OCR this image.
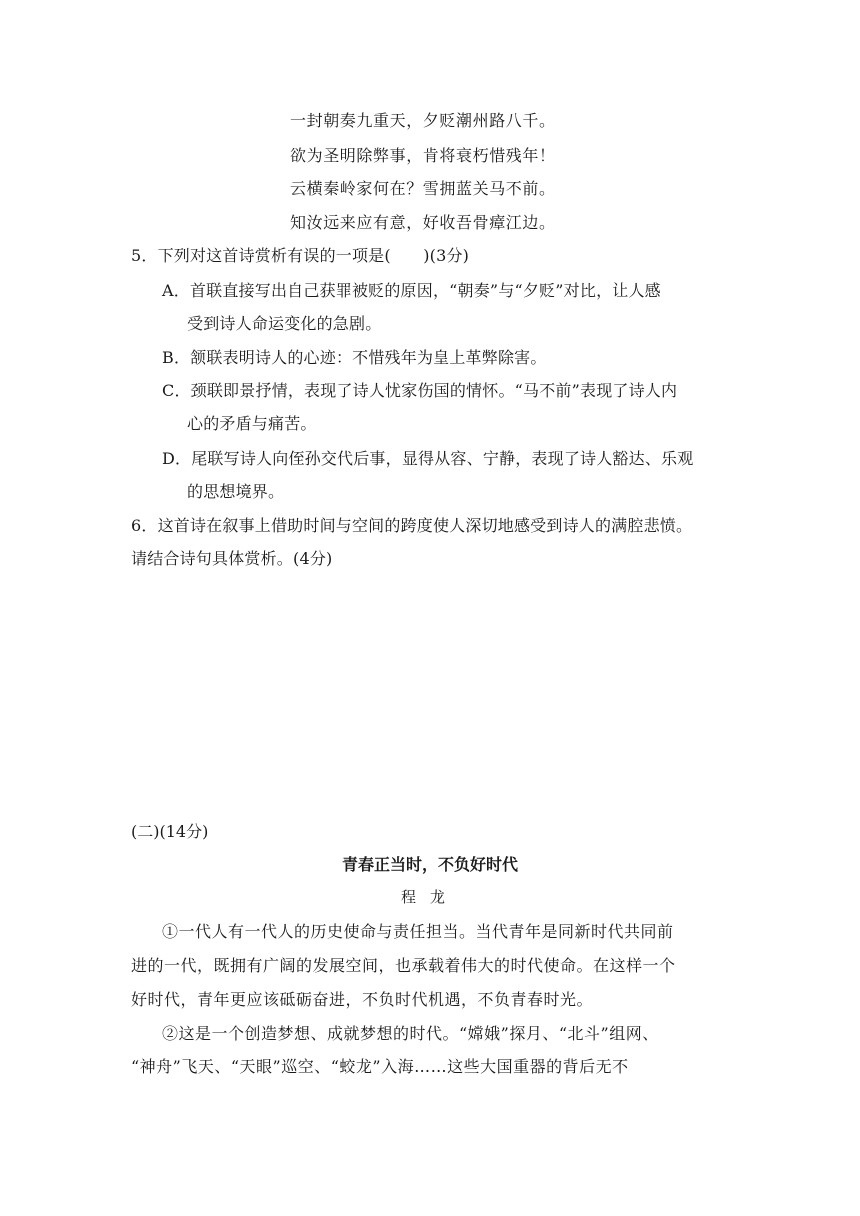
一封朝奏九重天，夕贬潮州路八千。
欲为圣明除弊事，肯将衰朽惜残年！
云横秦岭家何在？雪拥蓝关马不前。
知汝远来应有意，好收吾骨瘴江边。
5．下列对这首诗赏析有误的一项是(　　)(3分)
A．首联直接写出自己获罪被贬的原因，“朝奏”与“夕贬”对比，让人感
受到诗人命运变化的急剧。
B．颔联表明诗人的心迹：不惜残年为皇上革弊除害。
C．颈联即景抒情，表现了诗人忧家伤国的情怀。“马不前”表现了诗人内
心的矛盾与痛苦。
D．尾联写诗人向侄孙交代后事，显得从容、宁静，表现了诗人豁达、乐观
的思想境界。
6．这首诗在叙事上借助时间与空间的跨度使人深切地感受到诗人的满腔悲愤。
请结合诗句具体赏析。(4分)
(二)(14分)
青春正当时，不负好时代
程龙
①一代人有一代人的历史使命与责任担当。当代青年是同新时代共同前
进的一代，既拥有广阔的发展空间，也承载着伟大的时代使命。在这样一个
好时代，青年更应该砥砺奋进，不负时代机遇，不负青春时光。
②这是一个创造梦想、成就梦想的时代。“嫦娥”探月、“北斗”组网、
“神舟”飞天、“天眼”巡空、“蛟龙”入海……这些大国重器的背后无不
